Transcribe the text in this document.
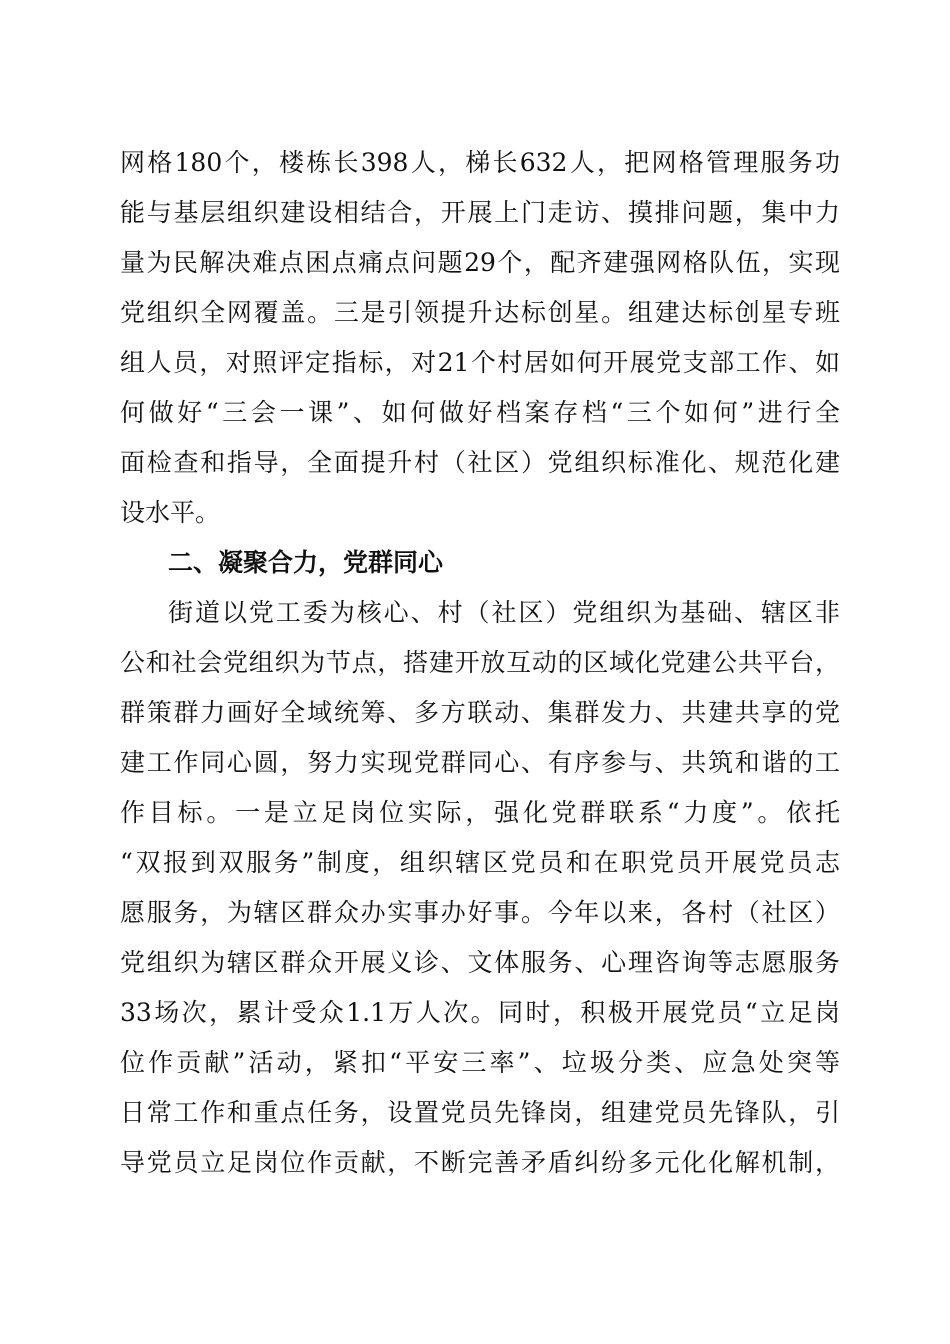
网格180个，楼栋长398人，梯长632人，把网格管理服务功
能与基层组织建设相结合，开展上门走访、摸排问题，集中力
量为民解决难点困点痛点问题29个，配齐建强网格队伍，实现
党组织全网覆盖。三是引领提升达标创星。组建达标创星专班
组人员，对照评定指标，对21个村居如何开展党支部工作、如
何做好“三会一课”、如何做好档案存档“三个如何”进行全
面检查和指导，全面提升村（社区）党组织标准化、规范化建
设水平。
二、凝聚合力，党群同心
街道以党工委为核心、村（社区）党组织为基础、辖区非
公和社会党组织为节点，搭建开放互动的区域化党建公共平台，
群策群力画好全域统筹、多方联动、集群发力、共建共享的党
建工作同心圆，努力实现党群同心、有序参与、共筑和谐的工
作目标。一是立足岗位实际，强化党群联系“力度”。依托
“双报到双服务”制度，组织辖区党员和在职党员开展党员志
愿服务，为辖区群众办实事办好事。今年以来，各村（社区）
党组织为辖区群众开展义诊、文体服务、心理咨询等志愿服务
33场次，累计受众1.1万人次。同时，积极开展党员“立足岗
位作贡献”活动，紧扣“平安三率”、垃圾分类、应急处突等
日常工作和重点任务，设置党员先锋岗，组建党员先锋队，引
导党员立足岗位作贡献，不断完善矛盾纠纷多元化化解机制，
